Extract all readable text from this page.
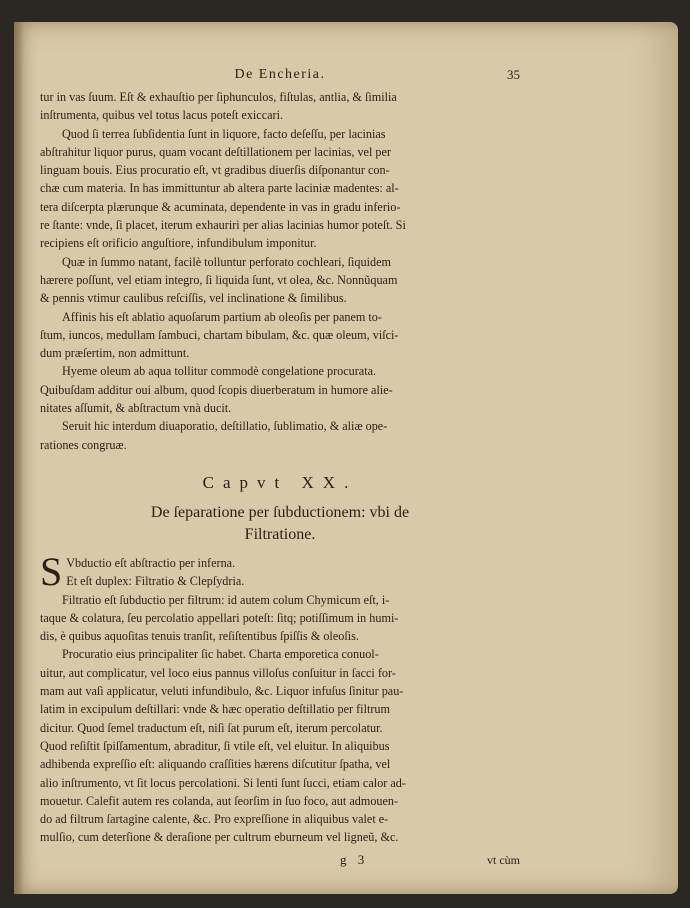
De Encheria.	35
tur in vas ſuum. Eſt & exhauſtio per ſiphunculos, fiſtulas, antlia, & ſimilia
inſtrumenta, quibus vel totus lacus poteſt exiccari.
Quod ſi terrea ſubſidentia ſunt in liquore, facto deſeſſu, per lacinias
abſtrahitur liquor purus, quam vocant deſtillationem per lacinias, vel per
linguam bouis. Eius procuratio eſt, vt gradibus diuerſis diſponantur con-
chæ cum materia. In has immittuntur ab altera parte laciniæ madentes: al-
tera diſcerpta plærunque & acuminata, dependente in vas in gradu inferio-
re ſtante: vnde, ſi placet, iterum exhauriri per alias lacinias humor poteſt. Si
recipiens eſt orificio anguſtiore, infundibulum imponitur.
Quæ in ſummo natant, facilè tolluntur perforato cochleari, ſiquidem
hærere poſſunt, vel etiam integro, ſi liquida ſunt, vt olea, &c. Nonnũquam
& pennis vtimur caulibus reſciſſis, vel inclinatione & ſimilibus.
Affinis his eſt ablatio aquoſarum partium ab oleoſis per panem to-
ſtum, iuncos, medullam ſambuci, chartam bibulam, &c. quæ oleum, viſci-
dum præſertim, non admittunt.
Hyeme oleum ab aqua tollitur commodè congelatione procurata.
Quibuſdam additur oui album, quod ſcopis diuerberatum in humore alie-
nitates aſſumit, & abſtractum vnà ducit.
Seruit hic interdum diuaporatio, deſtillatio, ſublimatio, & aliæ ope-
rationes congruæ.
Capvt XX.
De ſeparatione per ſubductionem: vbi de
Filtratione.
S Vbductio eſt abſtractio per inferna.
Et eſt duplex: Filtratio & Clepſydria.
Filtratio eſt ſubductio per filtrum: id autem colum Chymicum eſt, i-
taque & colatura, ſeu percolatio appellari poteſt: ſitq; potiſſimum in humi-
dis, è quibus aquoſitas tenuis tranſit, reſiſtentibus ſpiſſis & oleoſis.
Procuratio eius principaliter ſic habet. Charta emporetica conuol-
uitur, aut complicatur, vel loco eius pannus villoſus conſuitur in ſacci for-
mam aut vaſi applicatur, veluti infundibulo, &c. Liquor infuſus ſinitur pau-
latim in excipulum deſtillari: vnde & hæc operatio deſtillatio per filtrum
dicitur. Quod ſemel traductum eſt, niſi ſat purum eſt, iterum percolatur.
Quod reſiſtit ſpiſſamentum, abraditur, ſi vtile eſt, vel eluitur. In aliquibus
adhibenda expreſſio eſt: aliquando craſſities hærens diſcutitur ſpatha, vel
alio inſtrumento, vt ſit locus percolationi. Si lenti ſunt ſucci, etiam calor ad-
mouetur. Calefit autem res colanda, aut ſeorſim in ſuo foco, aut admouen-
do ad filtrum ſartagine calente, &c. Pro expreſſione in aliquibus valet e-
mulſio, cum deterſione & deraſione per cultrum eburneum vel ligneũ, &c.
g 3	vt cùm
